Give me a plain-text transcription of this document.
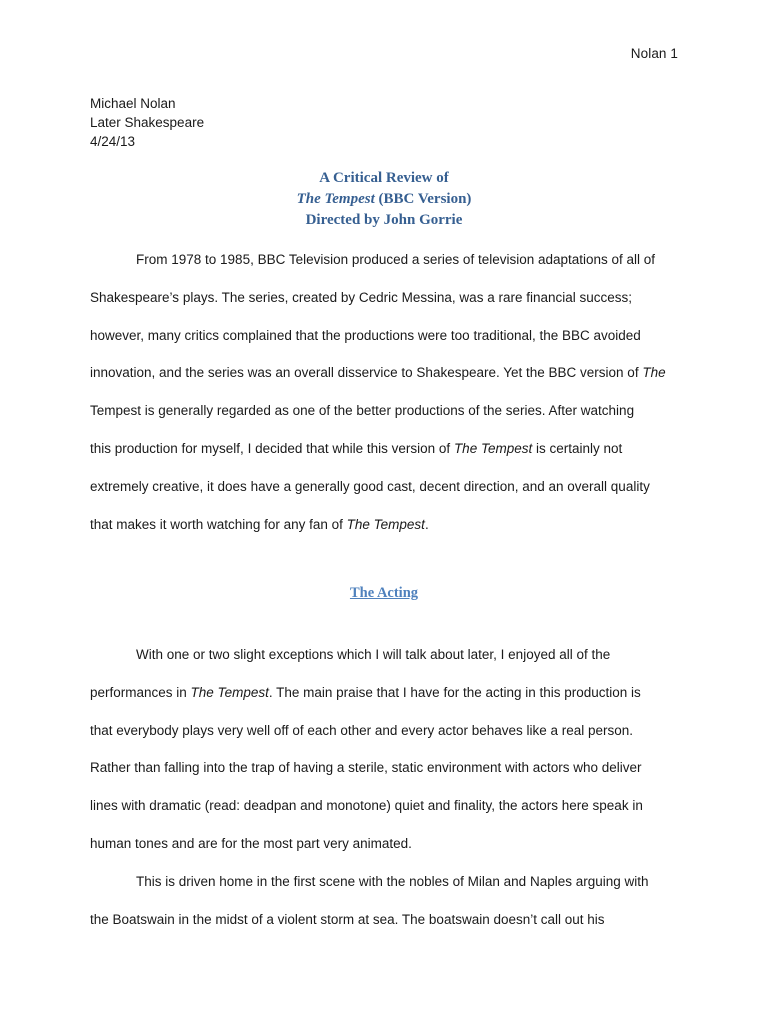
Nolan 1
Michael Nolan
Later Shakespeare
4/24/13
A Critical Review of
The Tempest (BBC Version)
Directed by John Gorrie
From 1978 to 1985, BBC Television produced a series of television adaptations of all of
Shakespeare’s plays. The series, created by Cedric Messina, was a rare financial success;
however, many critics complained that the productions were too traditional, the BBC avoided
innovation, and the series was an overall disservice to Shakespeare. Yet the BBC version of The
Tempest is generally regarded as one of the better productions of the series. After watching
this production for myself, I decided that while this version of The Tempest is certainly not
extremely creative, it does have a generally good cast, decent direction, and an overall quality
that makes it worth watching for any fan of The Tempest.
The Acting
With one or two slight exceptions which I will talk about later, I enjoyed all of the
performances in The Tempest. The main praise that I have for the acting in this production is
that everybody plays very well off of each other and every actor behaves like a real person.
Rather than falling into the trap of having a sterile, static environment with actors who deliver
lines with dramatic (read: deadpan and monotone) quiet and finality, the actors here speak in
human tones and are for the most part very animated.
This is driven home in the first scene with the nobles of Milan and Naples arguing with
the Boatswain in the midst of a violent storm at sea. The boatswain doesn’t call out his
